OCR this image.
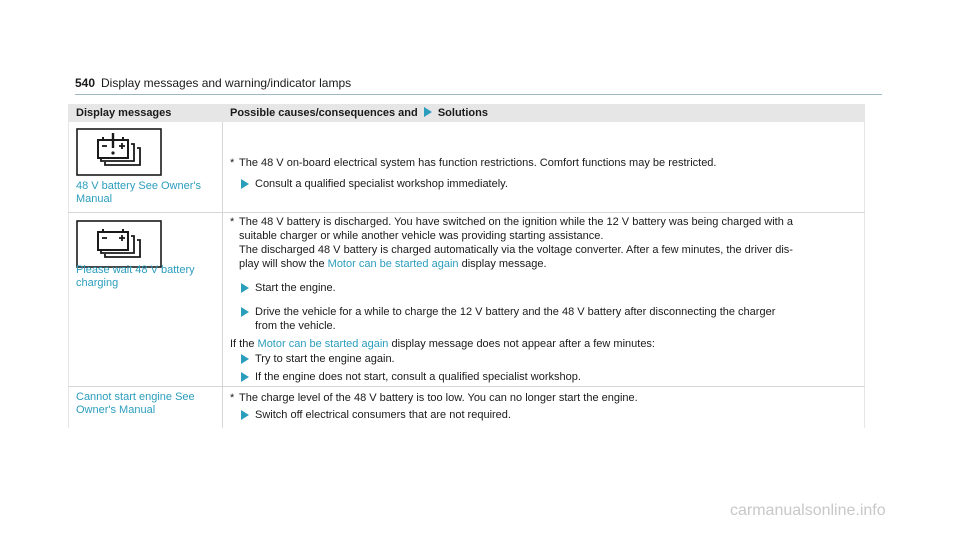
540 Display messages and warning/indicator lamps
Display messages	Possible causes/consequences and Solutions
48 V battery See Owner's Manual
* The 48 V on-board electrical system has function restrictions. Comfort functions may be restricted.
Consult a qualified specialist workshop immediately.
Please wait 48 V battery charging
* The 48 V battery is discharged. You have switched on the ignition while the 12 V battery was being charged with a
suitable charger or while another vehicle was providing starting assistance.
The discharged 48 V battery is charged automatically via the voltage converter. After a few minutes, the driver dis-
play will show the Motor can be started again display message.
Start the engine.
Drive the vehicle for a while to charge the 12 V battery and the 48 V battery after disconnecting the charger
from the vehicle.
If the Motor can be started again display message does not appear after a few minutes:
Try to start the engine again.
If the engine does not start, consult a qualified specialist workshop.
Cannot start engine See Owner's Manual
* The charge level of the 48 V battery is too low. You can no longer start the engine.
Switch off electrical consumers that are not required.
carmanualsonline.info
